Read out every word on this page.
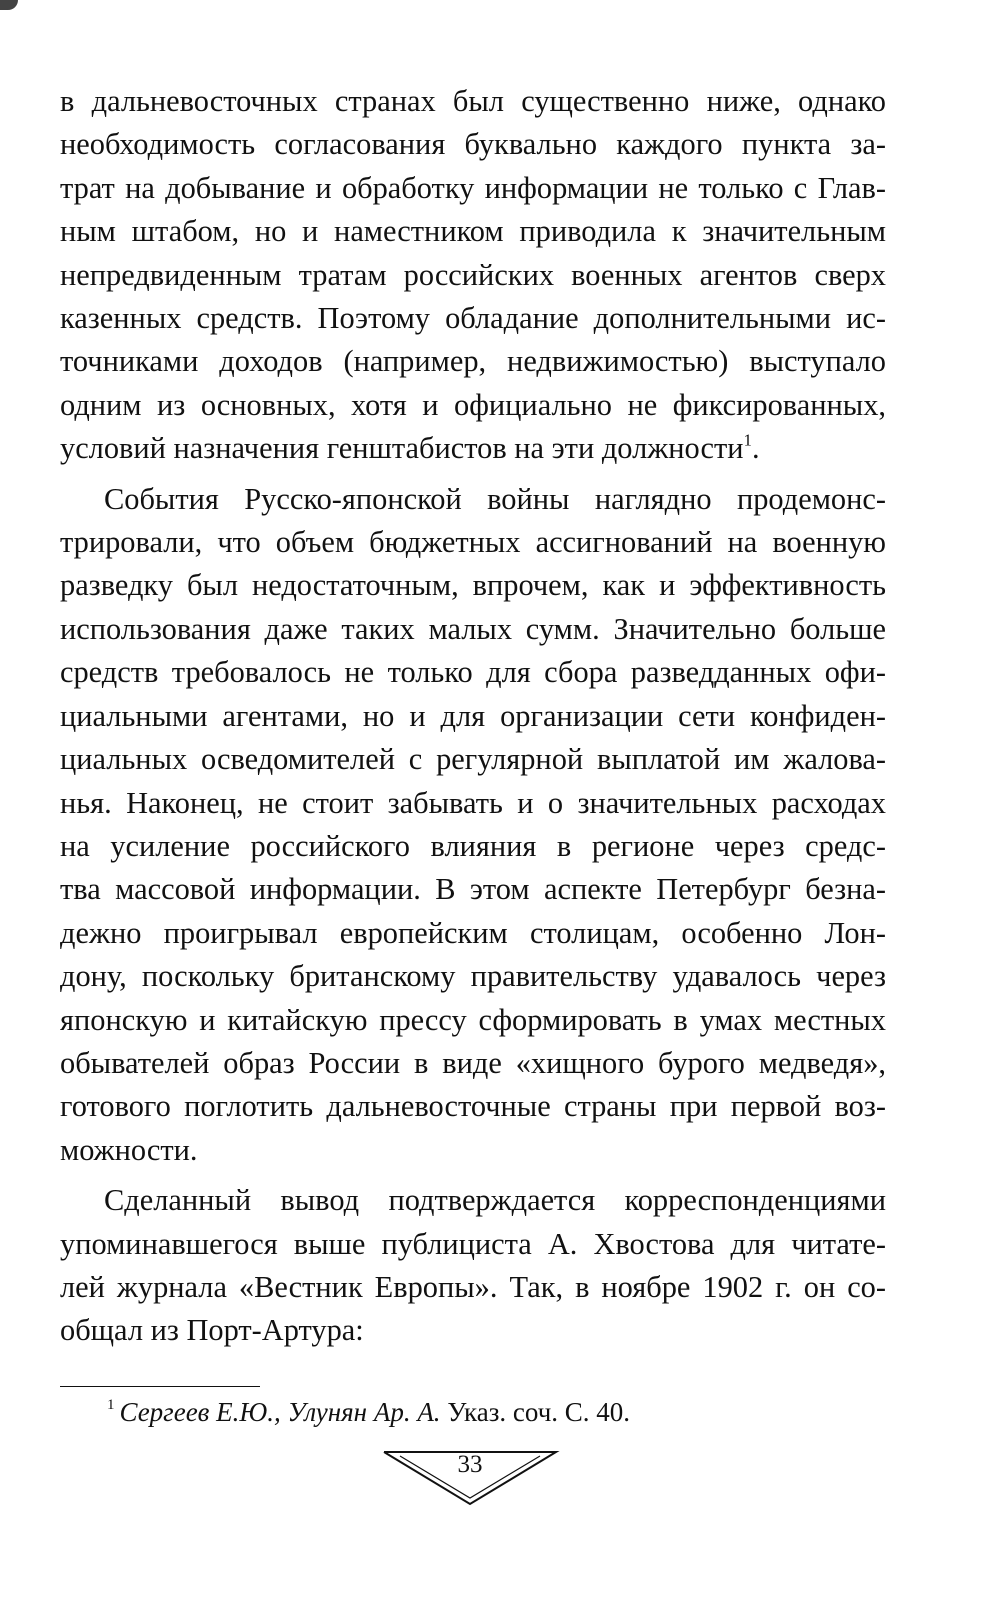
в дальневосточных странах был существенно ниже, однако
необходимость согласования буквально каждого пункта за-
трат на добывание и обработку информации не только с Глав-
ным штабом, но и наместником приводила к значительным
непредвиденным тратам российских военных агентов сверх
казенных средств. Поэтому обладание дополнительными ис-
точниками доходов (например, недвижимостью) выступало
одним из основных, хотя и официально не фиксированных,
условий назначения генштабистов на эти должности$^1$.
События Русско-японской войны наглядно продемонс-
трировали, что объем бюджетных ассигнований на военную
разведку был недостаточным, впрочем, как и эффективность
использования даже таких малых сумм. Значительно больше
средств требовалось не только для сбора разведданных офи-
циальными агентами, но и для организации сети конфиден-
циальных осведомителей с регулярной выплатой им жалова-
нья. Наконец, не стоит забывать и о значительных расходах
на усиление российского влияния в регионе через средс-
тва массовой информации. В этом аспекте Петербург безна-
дежно проигрывал европейским столицам, особенно Лон-
дону, поскольку британскому правительству удавалось через
японскую и китайскую прессу сформировать в умах местных
обывателей образ России в виде «хищного бурого медведя»,
готового поглотить дальневосточные страны при первой воз-
можности.
Сделанный вывод подтверждается корреспонденциями
упоминавшегося выше публициста А. Хвостова для читате-
лей журнала «Вестник Европы». Так, в ноябре 1902 г. он со-
общал из Порт-Артура:
$^1$ Сергеев Е.Ю., Улунян Ар. А. Указ. соч. С. 40.
33
